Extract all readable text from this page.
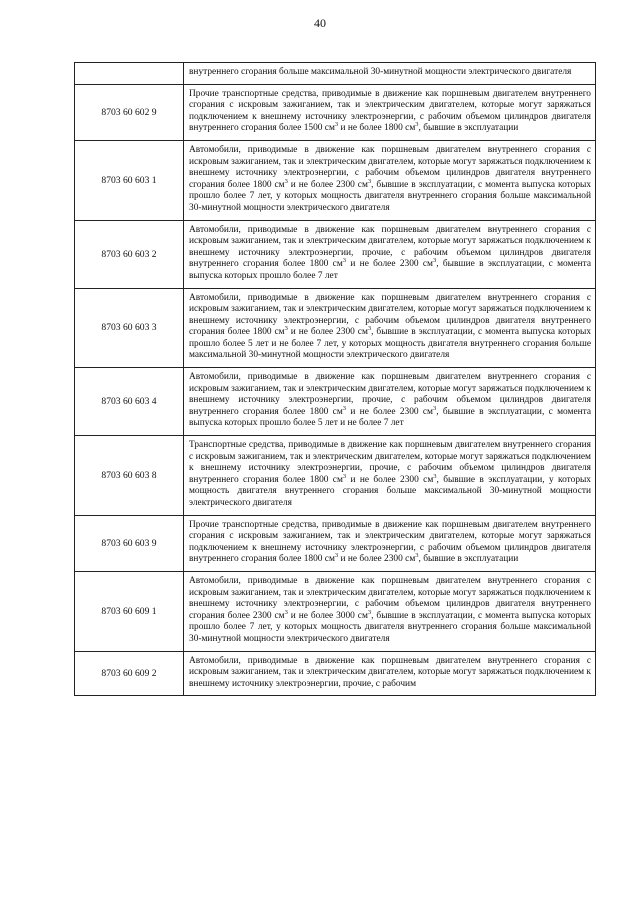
40
	внутреннего сгорания больше максимальной 30-минутной мощности электрического двигателя
8703 60 602 9	Прочие транспортные средства, приводимые в движение как поршневым двигателем внутреннего сгорания с искровым зажиганием, так и электрическим двигателем, которые могут заряжаться подключением к внешнему источнику электроэнергии, с рабочим объемом цилиндров двигателя внутреннего сгорания более 1500 $см^3$ и не более 1800 $см^3$, бывшие в эксплуатации
8703 60 603 1	Автомобили, приводимые в движение как поршневым двигателем внутреннего сгорания с искровым зажиганием, так и электрическим двигателем, которые могут заряжаться подключением к внешнему источнику электроэнергии, с рабочим объемом цилиндров двигателя внутреннего сгорания более 1800 $см^3$ и не более 2300 $см^3$, бывшие в эксплуатации, с момента выпуска которых прошло более 7 лет, у которых мощность двигателя внутреннего сгорания больше максимальной 30-минутной мощности электрического двигателя
8703 60 603 2	Автомобили, приводимые в движение как поршневым двигателем внутреннего сгорания с искровым зажиганием, так и электрическим двигателем, которые могут заряжаться подключением к внешнему источнику электроэнергии, прочие, с рабочим объемом цилиндров двигателя внутреннего сгорания более 1800 $см^3$ и не более 2300 $см^3$, бывшие в эксплуатации, с момента выпуска которых прошло более 7 лет
8703 60 603 3	Автомобили, приводимые в движение как поршневым двигателем внутреннего сгорания с искровым зажиганием, так и электрическим двигателем, которые могут заряжаться подключением к внешнему источнику электроэнергии, с рабочим объемом цилиндров двигателя внутреннего сгорания более 1800 $см^3$ и не более 2300 $см^3$, бывшие в эксплуатации, с момента выпуска которых прошло более 5 лет и не более 7 лет, у которых мощность двигателя внутреннего сгорания больше максимальной 30-минутной мощности электрического двигателя
8703 60 603 4	Автомобили, приводимые в движение как поршневым двигателем внутреннего сгорания с искровым зажиганием, так и электрическим двигателем, которые могут заряжаться подключением к внешнему источнику электроэнергии, прочие, с рабочим объемом цилиндров двигателя внутреннего сгорания более 1800 $см^3$ и не более 2300 $см^3$, бывшие в эксплуатации, с момента выпуска которых прошло более 5 лет и не более 7 лет
8703 60 603 8	Транспортные средства, приводимые в движение как поршневым двигателем внутреннего сгорания с искровым зажиганием, так и электрическим двигателем, которые могут заряжаться подключением к внешнему источнику электроэнергии, прочие, с рабочим объемом цилиндров двигателя внутреннего сгорания более 1800 $см^3$ и не более 2300 $см^3$, бывшие в эксплуатации, у которых мощность двигателя внутреннего сгорания больше максимальной 30-минутной мощности электрического двигателя
8703 60 603 9	Прочие транспортные средства, приводимые в движение как поршневым двигателем внутреннего сгорания с искровым зажиганием, так и электрическим двигателем, которые могут заряжаться подключением к внешнему источнику электроэнергии, с рабочим объемом цилиндров двигателя внутреннего сгорания более 1800 $см^3$ и не более 2300 $см^3$, бывшие в эксплуатации
8703 60 609 1	Автомобили, приводимые в движение как поршневым двигателем внутреннего сгорания с искровым зажиганием, так и электрическим двигателем, которые могут заряжаться подключением к внешнему источнику электроэнергии, с рабочим объемом цилиндров двигателя внутреннего сгорания более 2300 $см^3$ и не более 3000 $см^3$, бывшие в эксплуатации, с момента выпуска которых прошло более 7 лет, у которых мощность двигателя внутреннего сгорания больше максимальной 30-минутной мощности электрического двигателя
8703 60 609 2	Автомобили, приводимые в движение как поршневым двигателем внутреннего сгорания с искровым зажиганием, так и электрическим двигателем, которые могут заряжаться подключением к внешнему источнику электроэнергии, прочие, с рабочим
